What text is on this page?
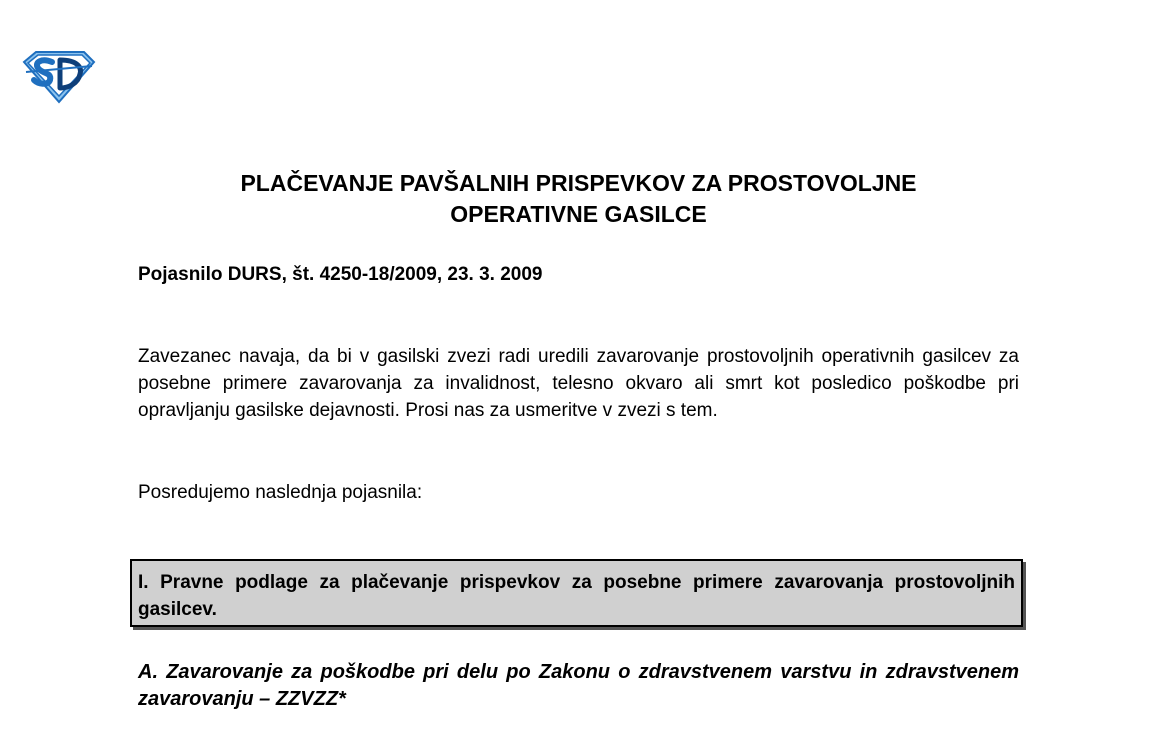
PLAČEVANJE PAVŠALNIH PRISPEVKOV ZA PROSTOVOLJNE
OPERATIVNE GASILCE

Pojasnilo DURS, št. 4250-18/2009, 23. 3. 2009

Zavezanec navaja, da bi v gasilski zvezi radi uredili zavarovanje prostovoljnih operativnih gasilcev za posebne primere zavarovanja za invalidnost, telesno okvaro ali smrt kot posledico poškodbe pri opravljanju gasilske dejavnosti. Prosi nas za usmeritve v zvezi s tem.

Posredujemo naslednja pojasnila:

I. Pravne podlage za plačevanje prispevkov za posebne primere zavarovanja prostovoljnih gasilcev.

A. Zavarovanje za poškodbe pri delu po Zakonu o zdravstvenem varstvu in zdravstvenem zavarovanju – ZZVZZ*
